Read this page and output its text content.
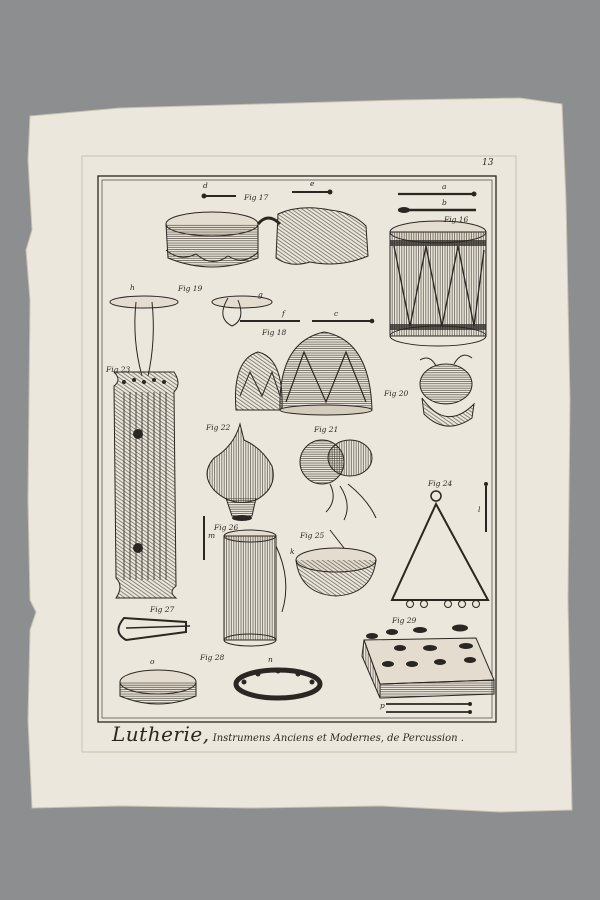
d
Fig 17
e	a
b
Fig 16
h	Fig 19
g
f	c
Fig 18
Fig 20
Fig 23
Fig 22	Fig 21
Fig 24
l
Fig 26
m	Fig 25
k
Fig 27
o	Fig 28	n
Fig 29
p
13
Lutherie, Instrumens Anciens et Modernes, de Percussion .
